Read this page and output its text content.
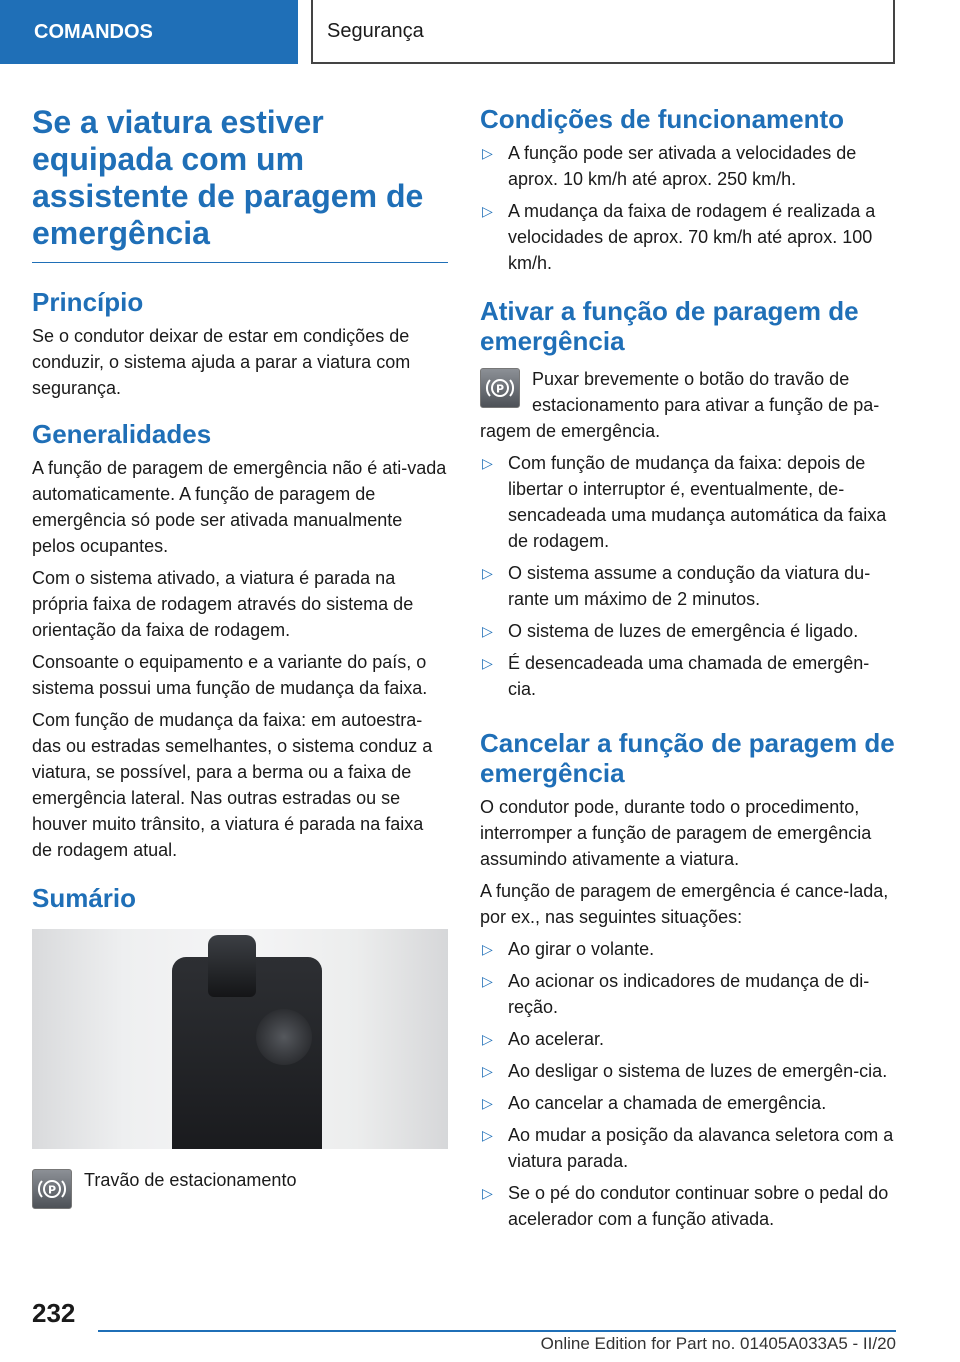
COMANDOS	Segurança
Se a viatura estiver equipada com um assistente de paragem de emergência
Princípio

Se o condutor deixar de estar em condições de conduzir, o sistema ajuda a parar a viatura com segurança.

Generalidades

A função de paragem de emergência não é ati-vada automaticamente. A função de paragem de emergência só pode ser ativada manualmente pelos ocupantes.

Com o sistema ativado, a viatura é parada na própria faixa de rodagem através do sistema de orientação da faixa de rodagem.

Consoante o equipamento e a variante do país, o sistema possui uma função de mudança da faixa.

Com função de mudança da faixa: em autoestra-das ou estradas semelhantes, o sistema conduz a viatura, se possível, para a berma ou a faixa de emergência lateral. Nas outras estradas ou se houver muito trânsito, a viatura é parada na faixa de rodagem atual.

Sumário
P Travão de estacionamento
Condições de funcionamento
▷ A função pode ser ativada a velocidades de aprox. 10 km/h até aprox. 250 km/h.
▷ A mudança da faixa de rodagem é realizada a velocidades de aprox. 70 km/h até aprox. 100 km/h.
Ativar a função de paragem de emergência
P Puxar brevemente o botão do travão de estacionamento para ativar a função de pa-ragem de emergência.
▷ Com função de mudança da faixa: depois de libertar o interruptor é, eventualmente, de-sencadeada uma mudança automática da faixa de rodagem.
▷ O sistema assume a condução da viatura du-rante um máximo de 2 minutos.
▷ O sistema de luzes de emergência é ligado.
▷ É desencadeada uma chamada de emergên-cia.
Cancelar a função de paragem de emergência

O condutor pode, durante todo o procedimento, interromper a função de paragem de emergência assumindo ativamente a viatura.

A função de paragem de emergência é cance-lada, por ex., nas seguintes situações:

▷ Ao girar o volante.
▷ Ao acionar os indicadores de mudança de di-reção.
▷ Ao acelerar.
▷ Ao desligar o sistema de luzes de emergên-cia.
▷ Ao cancelar a chamada de emergência.
▷ Ao mudar a posição da alavanca seletora com a viatura parada.
▷ Se o pé do condutor continuar sobre o pedal do acelerador com a função ativada.
232
Online Edition for Part no. 01405A033A5 - II/20
